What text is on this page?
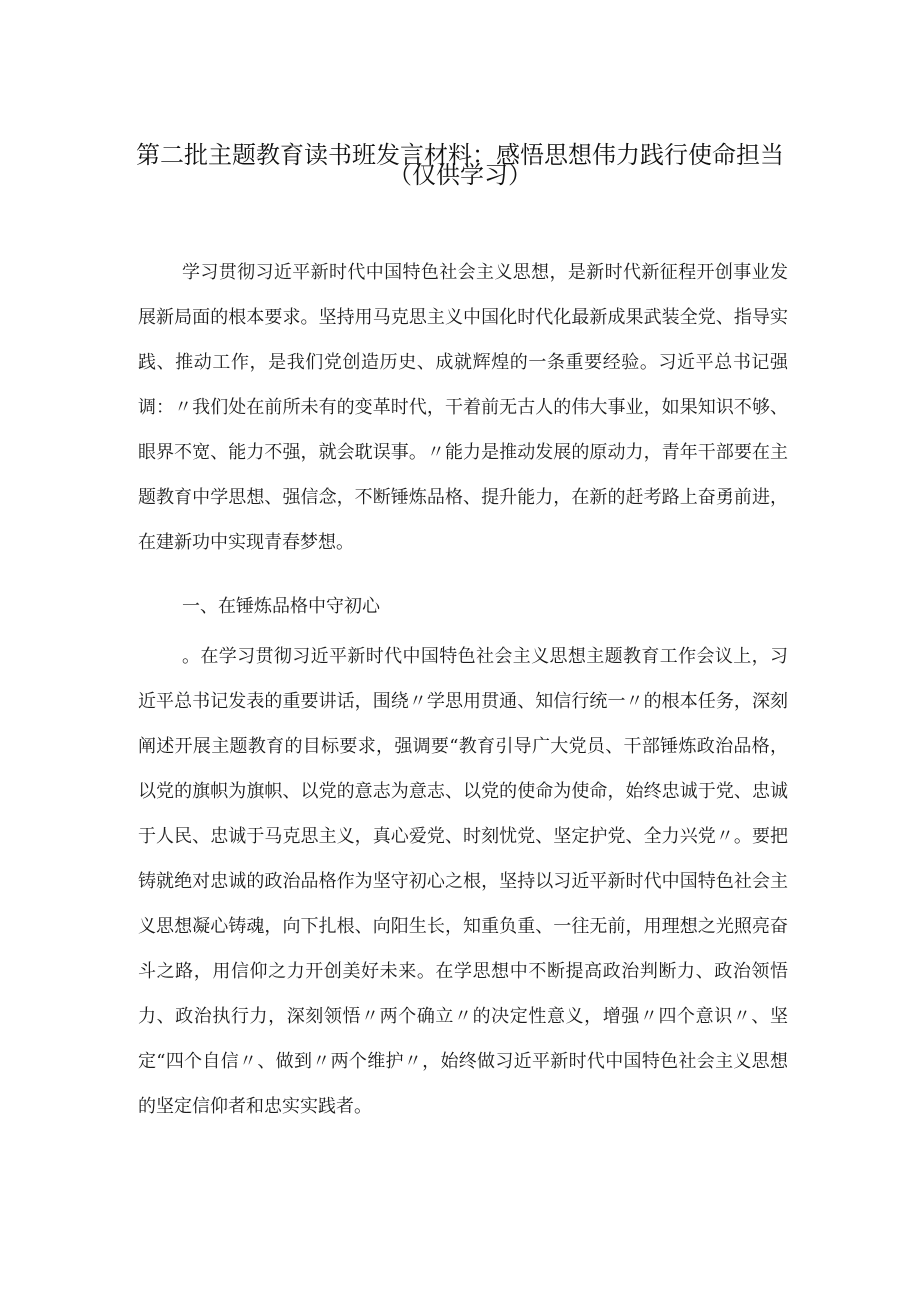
第二批主题教育读书班发言材料：感悟思想伟力践行使命担当
（仅供学习）
学习贯彻习近平新时代中国特色社会主义思想，是新时代新征程开创事业发展新局面的根本要求。坚持用马克思主义中国化时代化最新成果武装全党、指导实践、推动工作，是我们党创造历史、成就辉煌的一条重要经验。习近平总书记强调：〃我们处在前所未有的变革时代，干着前无古人的伟大事业，如果知识不够、眼界不宽、能力不强，就会耽误事。〃能力是推动发展的原动力，青年干部要在主题教育中学思想、强信念，不断锤炼品格、提升能力，在新的赶考路上奋勇前进，在建新功中实现青春梦想。
一、在锤炼品格中守初心
。在学习贯彻习近平新时代中国特色社会主义思想主题教育工作会议上，习近平总书记发表的重要讲话，围绕〃学思用贯通、知信行统一〃的根本任务，深刻阐述开展主题教育的目标要求，强调要“教育引导广大党员、干部锤炼政治品格，以党的旗帜为旗帜、以党的意志为意志、以党的使命为使命，始终忠诚于党、忠诚于人民、忠诚于马克思主义，真心爱党、时刻忧党、坚定护党、全力兴党〃。要把铸就绝对忠诚的政治品格作为坚守初心之根，坚持以习近平新时代中国特色社会主义思想凝心铸魂，向下扎根、向阳生长，知重负重、一往无前，用理想之光照亮奋斗之路，用信仰之力开创美好未来。在学思想中不断提高政治判断力、政治领悟力、政治执行力，深刻领悟〃两个确立〃的决定性意义，增强〃四个意识〃、坚定“四个自信〃、做到〃两个维护〃，始终做习近平新时代中国特色社会主义思想的坚定信仰者和忠实实践者。
